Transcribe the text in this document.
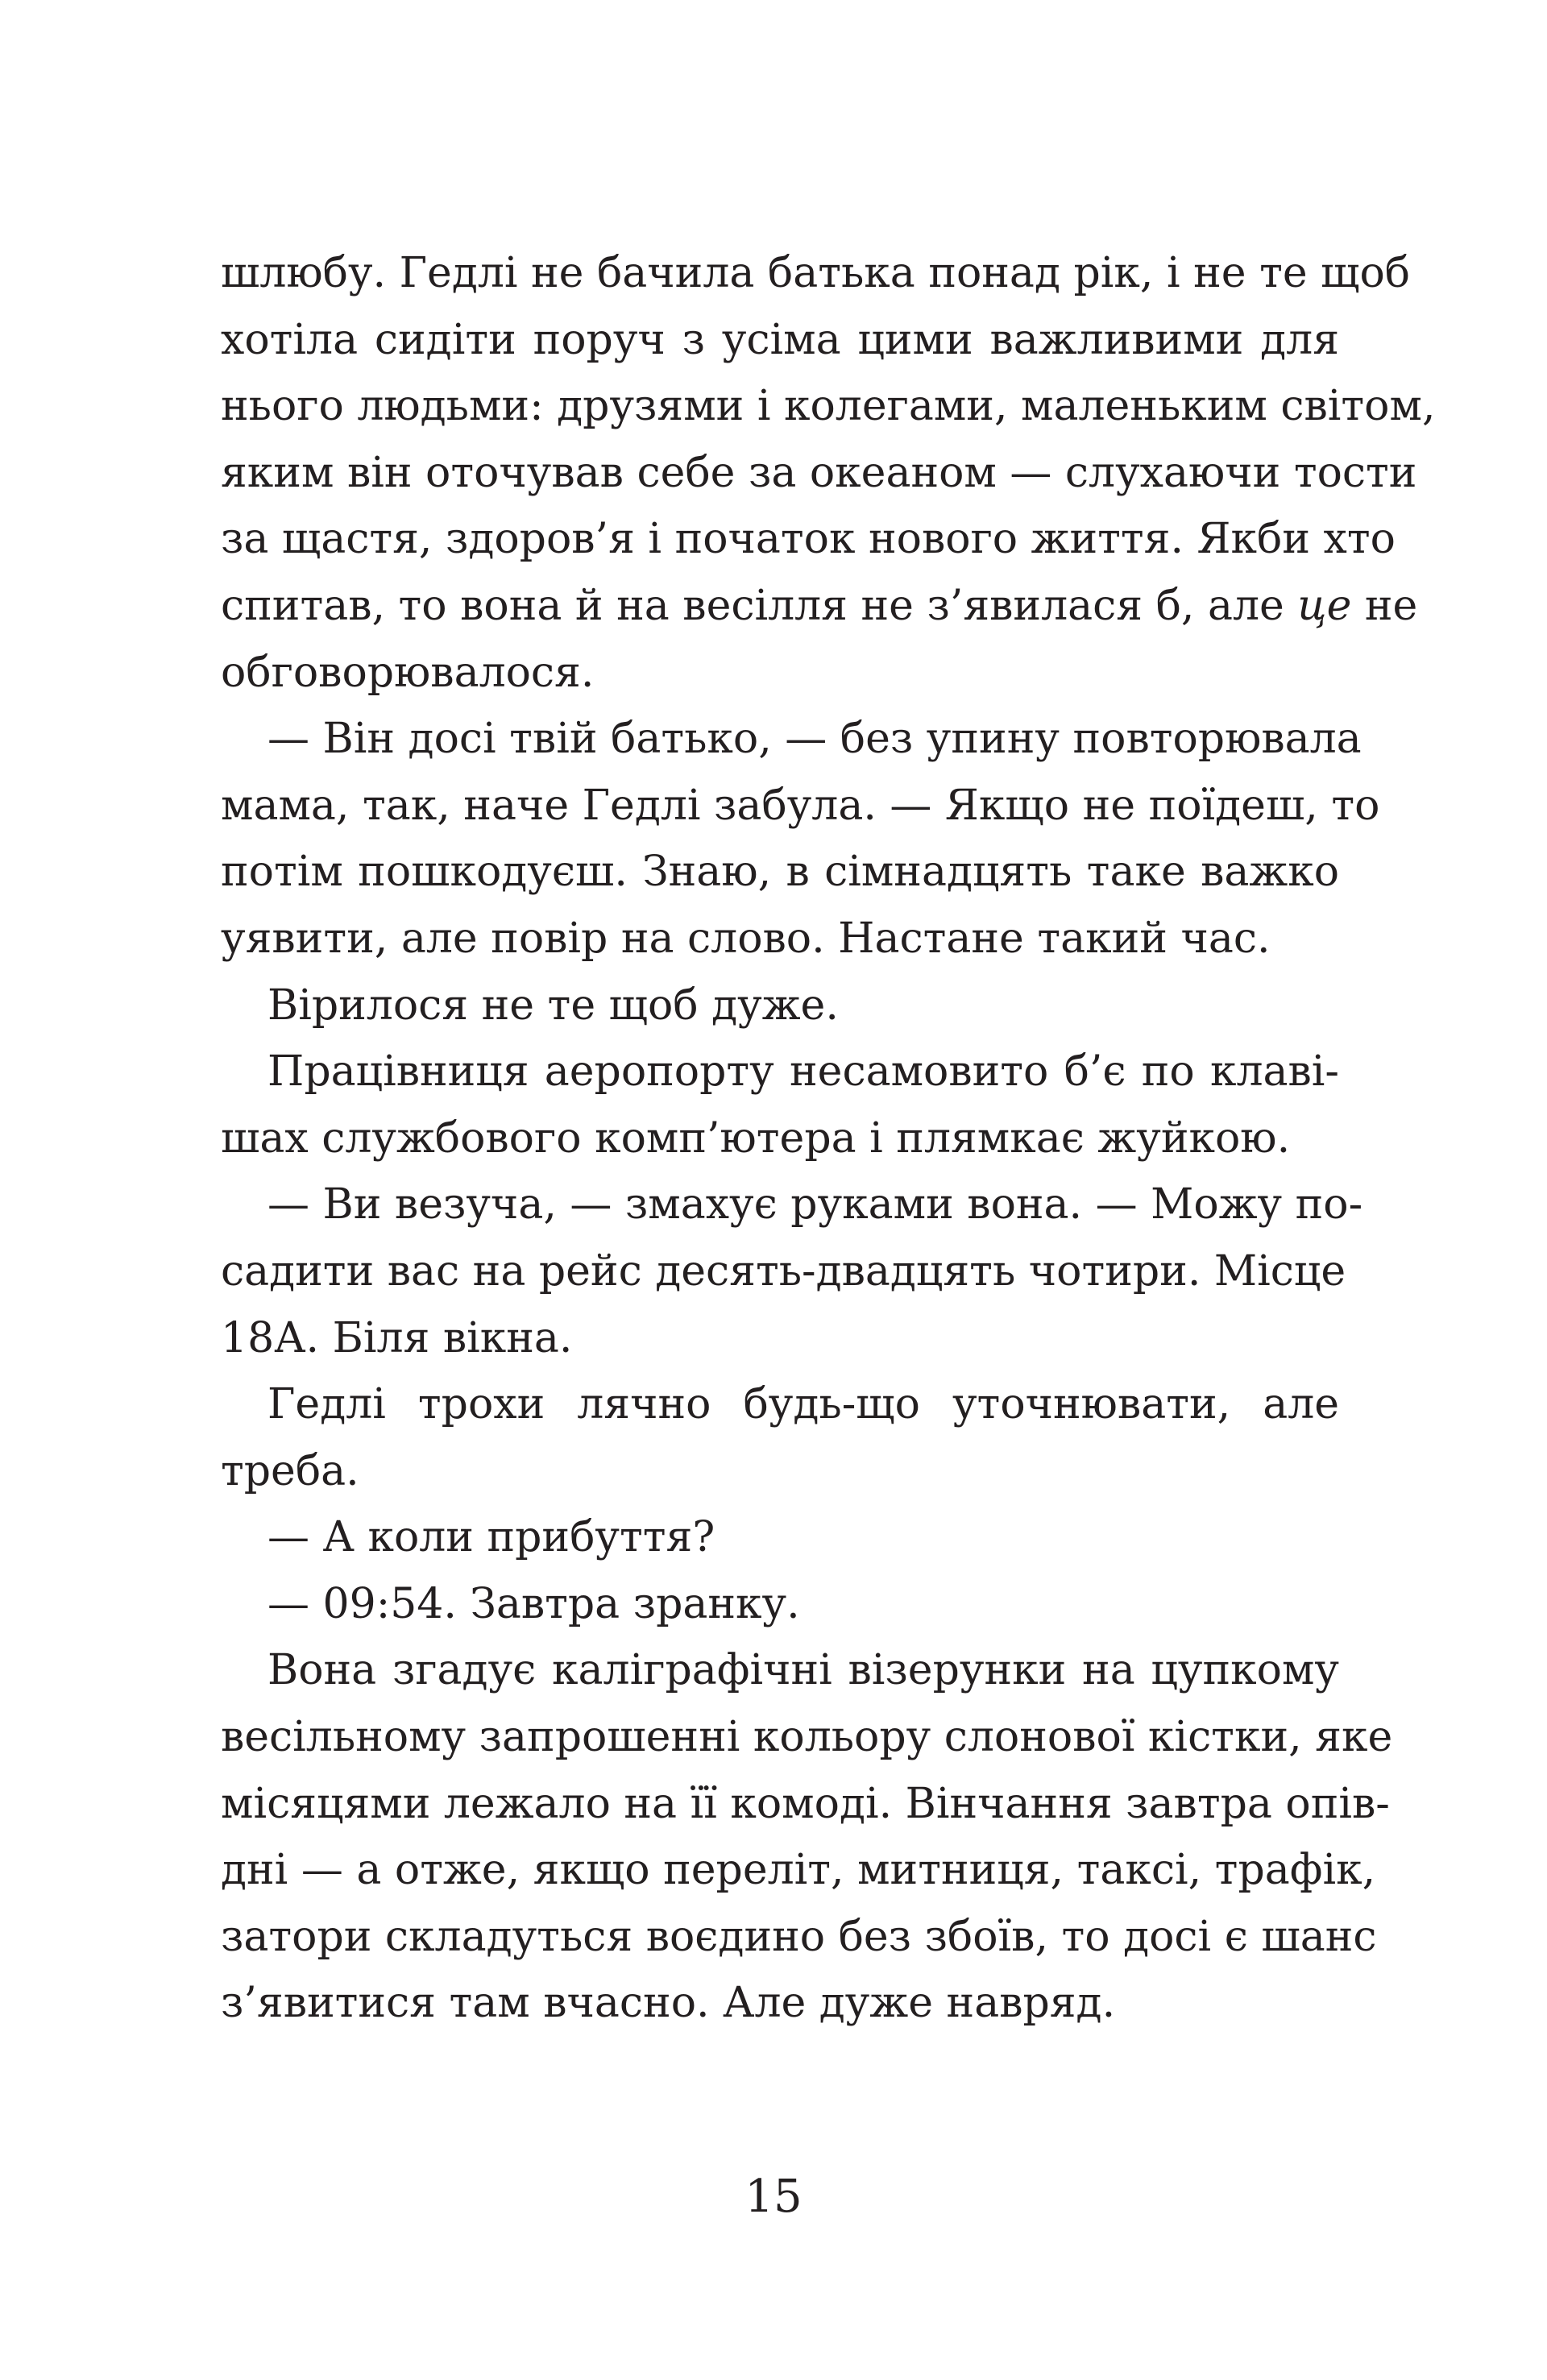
шлюбу. Гедлі не бачила батька понад рік, і не те щоб
хотіла сидіти поруч з усіма цими важливими для
нього людьми: друзями і колегами, маленьким світом,
яким він оточував себе за океаном — слухаючи тости
за щастя, здоров’я і початок нового життя. Якби хто
спитав, то вона й на весілля не з’явилася б, але це не
обговорювалося.
— Він досі твій батько, — без упину повторювала
мама, так, наче Гедлі забула. — Якщо не поїдеш, то
потім пошкодуєш. Знаю, в сімнадцять таке важко
уявити, але повір на слово. Настане такий час.
Вірилося не те щоб дуже.
Працівниця аеропорту несамовито б’є по клаві-
шах службового комп’ютера і плямкає жуйкою.
— Ви везуча, — змахує руками вона. — Можу по-
садити вас на рейс десять-двадцять чотири. Місце
18А. Біля вікна.
Гедлі трохи лячно будь-що уточнювати, але
треба.
— А коли прибуття?
— 09:54. Завтра зранку.
Вона згадує каліграфічні візерунки на цупкому
весільному запрошенні кольору слонової кістки, яке
місяцями лежало на її комоді. Вінчання завтра опів-
дні — а отже, якщо переліт, митниця, таксі, трафік,
затори складуться воєдино без збоїв, то досі є шанс
з’явитися там вчасно. Але дуже навряд.
15
